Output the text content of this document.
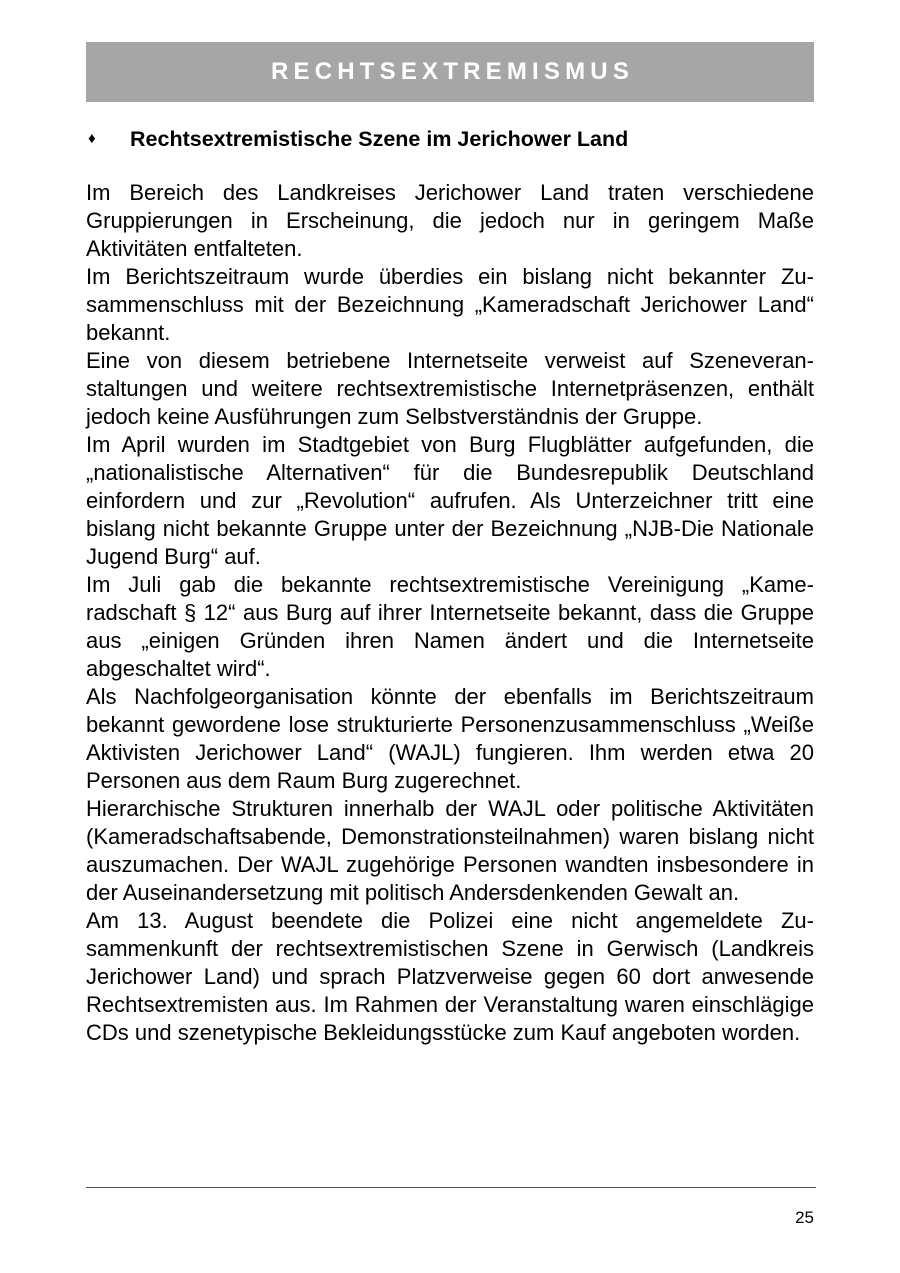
RECHTSEXTREMISMUS
♦	Rechtsextremistische Szene im Jerichower Land

Im Bereich des Landkreises Jerichower Land traten verschiedene Gruppierungen in Erscheinung, die jedoch nur in geringem Maße Aktivitäten entfalteten.

Im Berichtszeitraum wurde überdies ein bislang nicht bekannter Zusammenschluss mit der Bezeichnung „Kameradschaft Jerichower Land“ bekannt.

Eine von diesem betriebene Internetseite verweist auf Szeneveranstaltungen und weitere rechtsextremistische Internetpräsenzen, enthält jedoch keine Ausführungen zum Selbstverständnis der Gruppe.

Im April wurden im Stadtgebiet von Burg Flugblätter aufgefunden, die „nationalistische Alternativen“ für die Bundesrepublik Deutschland einfordern und zur „Revolution“ aufrufen. Als Unterzeichner tritt eine bislang nicht bekannte Gruppe unter der Bezeichnung „NJB-Die Nationale Jugend Burg“ auf.

Im Juli gab die bekannte rechtsextremistische Vereinigung „Kameradschaft § 12“ aus Burg auf ihrer Internetseite bekannt, dass die Gruppe aus „einigen Gründen ihren Namen ändert und die Internetseite abgeschaltet wird“.

Als Nachfolgeorganisation könnte der ebenfalls im Berichtszeitraum bekannt gewordene lose strukturierte Personenzusammenschluss „Weiße Aktivisten Jerichower Land“ (WAJL) fungieren. Ihm werden etwa 20 Personen aus dem Raum Burg zugerechnet.

Hierarchische Strukturen innerhalb der WAJL oder politische Aktivitäten (Kameradschaftsabende, Demonstrationsteilnahmen) waren bislang nicht auszumachen. Der WAJL zugehörige Personen wandten insbesondere in der Auseinandersetzung mit politisch Andersdenkenden Gewalt an.

Am 13. August beendete die Polizei eine nicht angemeldete Zusammenkunft der rechtsextremistischen Szene in Gerwisch (Landkreis Jerichower Land) und sprach Platzverweise gegen 60 dort anwesende Rechtsextremisten aus. Im Rahmen der Veranstaltung waren einschlägige CDs und szenetypische Bekleidungsstücke zum Kauf angeboten worden.

25
